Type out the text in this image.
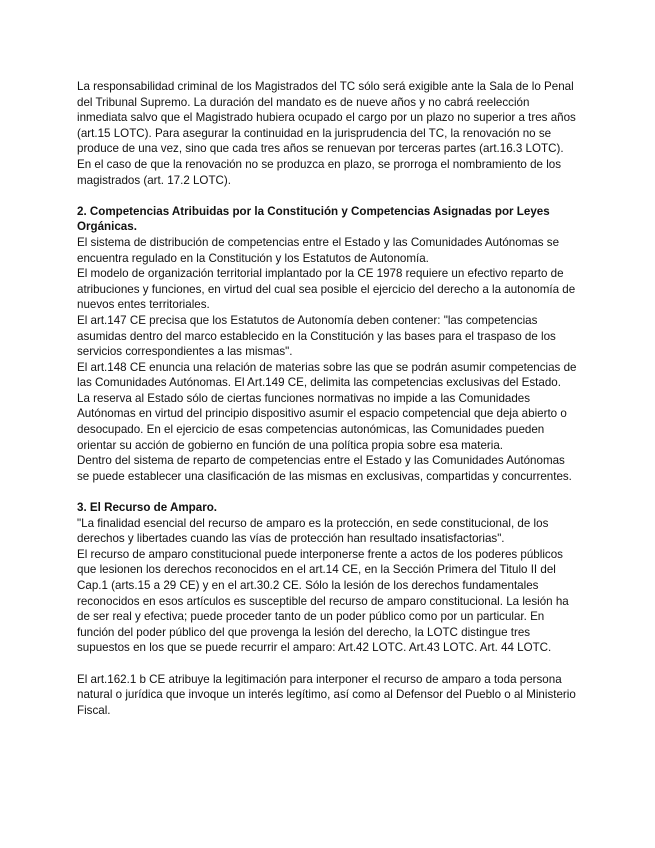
La responsabilidad criminal de los Magistrados del TC sólo será exigible ante la Sala de lo Penal del Tribunal Supremo. La duración del mandato es de nueve años y no cabrá reelección inmediata salvo que el Magistrado hubiera ocupado el cargo por un plazo no superior a tres años (art.15 LOTC). Para asegurar la continuidad en la jurisprudencia del TC, la renovación no se produce de una vez, sino que cada tres años se renuevan por terceras partes (art.16.3 LOTC). En el caso de que la renovación no se produzca en plazo, se prorroga el nombramiento de los magistrados (art. 17.2 LOTC).

2. Competencias Atribuidas por la Constitución y Competencias Asignadas por Leyes Orgánicas.

El sistema de distribución de competencias entre el Estado y las Comunidades Autónomas se encuentra regulado en la Constitución y los Estatutos de Autonomía.

El modelo de organización territorial implantado por la CE 1978 requiere un efectivo reparto de atribuciones y funciones, en virtud del cual sea posible el ejercicio del derecho a la autonomía de nuevos entes territoriales.

El art.147 CE precisa que los Estatutos de Autonomía deben contener: "las competencias asumidas dentro del marco establecido en la Constitución y las bases para el traspaso de los servicios correspondientes a las mismas".

El art.148 CE enuncia una relación de materias sobre las que se podrán asumir competencias de las Comunidades Autónomas. El Art.149 CE, delimita las competencias exclusivas del Estado.

La reserva al Estado sólo de ciertas funciones normativas no impide a las Comunidades Autónomas en virtud del principio dispositivo asumir el espacio competencial que deja abierto o desocupado. En el ejercicio de esas competencias autonómicas, las Comunidades pueden orientar su acción de gobierno en función de una política propia sobre esa materia.

Dentro del sistema de reparto de competencias entre el Estado y las Comunidades Autónomas se puede establecer una clasificación de las mismas en exclusivas, compartidas y concurrentes.

3. El Recurso de Amparo.

"La finalidad esencial del recurso de amparo es la protección, en sede constitucional, de los derechos y libertades cuando las vías de protección han resultado insatisfactorias".

El recurso de amparo constitucional puede interponerse frente a actos de los poderes públicos que lesionen los derechos reconocidos en el art.14 CE, en la Sección Primera del Titulo II del Cap.1 (arts.15 a 29 CE) y en el art.30.2 CE. Sólo la lesión de los derechos fundamentales reconocidos en esos artículos es susceptible del recurso de amparo constitucional. La lesión ha de ser real y efectiva; puede proceder tanto de un poder público como por un particular. En función del poder público del que provenga la lesión del derecho, la LOTC distingue tres supuestos en los que se puede recurrir el amparo: Art.42 LOTC. Art.43 LOTC. Art. 44 LOTC.

El art.162.1 b CE atribuye la legitimación para interponer el recurso de amparo a toda persona natural o jurídica que invoque un interés legítimo, así como al Defensor del Pueblo o al Ministerio Fiscal.
